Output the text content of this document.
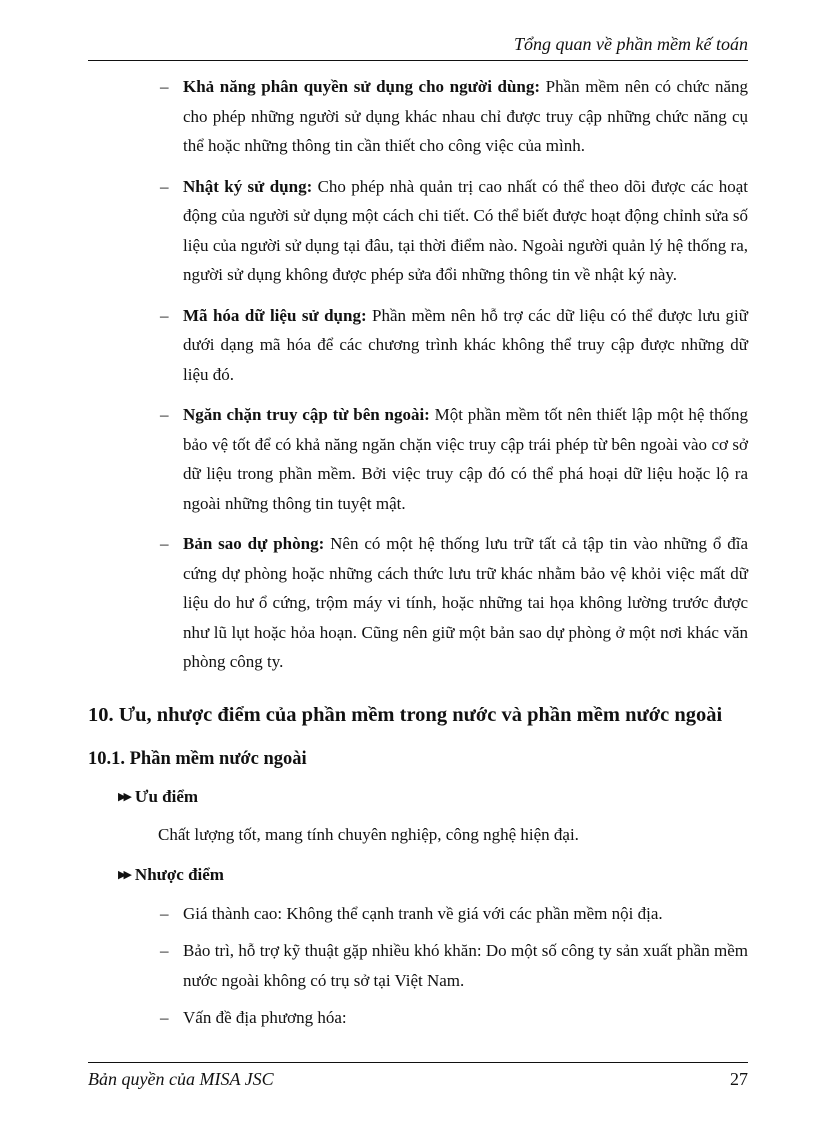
Tổng quan về phần mềm kế toán
– Khả năng phân quyền sử dụng cho người dùng: Phần mềm nên có chức năng cho phép những người sử dụng khác nhau chỉ được truy cập những chức năng cụ thể hoặc những thông tin cần thiết cho công việc của mình.
– Nhật ký sử dụng: Cho phép nhà quản trị cao nhất có thể theo dõi được các hoạt động của người sử dụng một cách chi tiết. Có thể biết được hoạt động chỉnh sửa số liệu của người sử dụng tại đâu, tại thời điểm nào. Ngoài người quản lý hệ thống ra, người sử dụng không được phép sửa đổi những thông tin về nhật ký này.
– Mã hóa dữ liệu sử dụng: Phần mềm nên hỗ trợ các dữ liệu có thể được lưu giữ dưới dạng mã hóa để các chương trình khác không thể truy cập được những dữ liệu đó.
– Ngăn chặn truy cập từ bên ngoài: Một phần mềm tốt nên thiết lập một hệ thống bảo vệ tốt để có khả năng ngăn chặn việc truy cập trái phép từ bên ngoài vào cơ sở dữ liệu trong phần mềm. Bởi việc truy cập đó có thể phá hoại dữ liệu hoặc lộ ra ngoài những thông tin tuyệt mật.
– Bản sao dự phòng: Nên có một hệ thống lưu trữ tất cả tập tin vào những ổ đĩa cứng dự phòng hoặc những cách thức lưu trữ khác nhằm bảo vệ khỏi việc mất dữ liệu do hư ổ cứng, trộm máy vi tính, hoặc những tai họa không lường trước được như lũ lụt hoặc hỏa hoạn. Cũng nên giữ một bản sao dự phòng ở một nơi khác văn phòng công ty.
10. Ưu, nhược điểm của phần mềm trong nước và phần mềm nước ngoài
10.1. Phần mềm nước ngoài
▶▶ Ưu điểm
Chất lượng tốt, mang tính chuyên nghiệp, công nghệ hiện đại.
▶▶ Nhược điểm
– Giá thành cao: Không thể cạnh tranh về giá với các phần mềm nội địa.
– Bảo trì, hỗ trợ kỹ thuật gặp nhiều khó khăn: Do một số công ty sản xuất phần mềm nước ngoài không có trụ sở tại Việt Nam.
– Vấn đề địa phương hóa:
Bản quyền của MISA JSC	27
